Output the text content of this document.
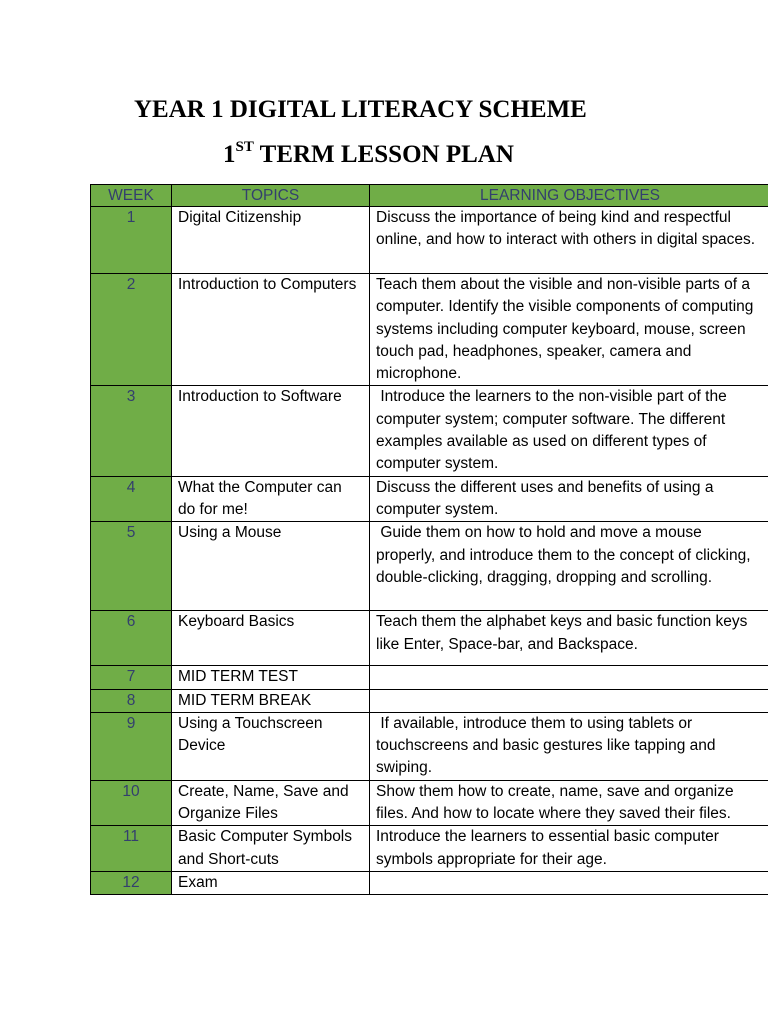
YEAR 1 DIGITAL LITERACY SCHEME
1ST TERM LESSON PLAN
WEEK	TOPICS	LEARNING OBJECTIVES
1	Digital Citizenship	Discuss the importance of being kind and respectful online, and how to interact with others in digital spaces.
2	Introduction to Computers	Teach them about the visible and non-visible parts of a computer. Identify the visible components of computing systems including computer keyboard, mouse, screen touch pad, headphones, speaker, camera and microphone.
3	Introduction to Software	Introduce the learners to the non-visible part of the computer system; computer software. The different examples available as used on different types of computer system.
4	What the Computer can do for me!	Discuss the different uses and benefits of using a computer system.
5	Using a Mouse	Guide them on how to hold and move a mouse properly, and introduce them to the concept of clicking, double-clicking, dragging, dropping and scrolling.
6	Keyboard Basics	Teach them the alphabet keys and basic function keys like Enter, Space-bar, and Backspace.
7	MID TERM TEST	
8	MID TERM BREAK	
9	Using a Touchscreen Device	If available, introduce them to using tablets or touchscreens and basic gestures like tapping and swiping.
10	Create, Name, Save and Organize Files	Show them how to create, name, save and organize files. And how to locate where they saved their files.
11	Basic Computer Symbols and Short-cuts	Introduce the learners to essential basic computer symbols appropriate for their age.
12	Exam	
